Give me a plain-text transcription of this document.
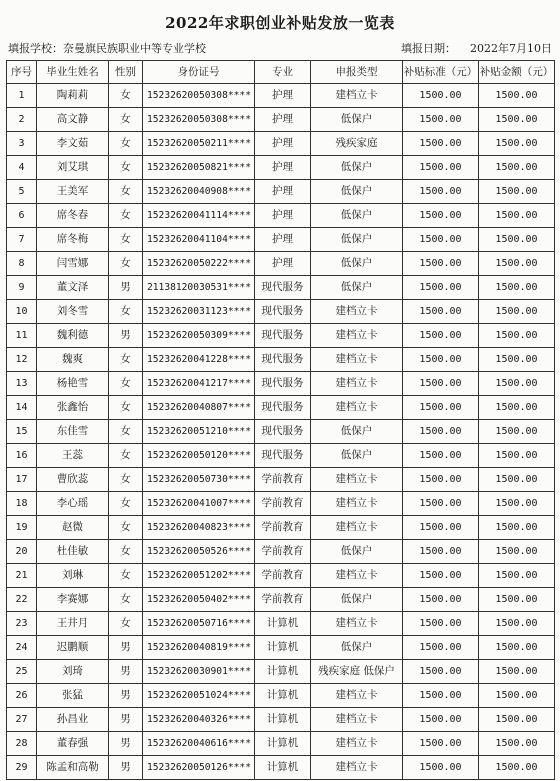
2022年求职创业补贴发放一览表
填报学校：奈曼旗民族职业中等专业学校	填报日期： 2022年7月10日
序号	毕业生姓名	性别	身份证号	专业	申报类型	补贴标准（元）	补贴金额（元）
1	陶莉莉	女	15232620050308****	护理	建档立卡	1500.00	1500.00
2	高文静	女	15232620050308****	护理	低保户	1500.00	1500.00
3	李文茹	女	15232620050211****	护理	残疾家庭	1500.00	1500.00
4	刘艾琪	女	15232620050821****	护理	低保户	1500.00	1500.00
5	王美军	女	15232620040908****	护理	低保户	1500.00	1500.00
6	席冬春	女	15232620041114****	护理	低保户	1500.00	1500.00
7	席冬梅	女	15232620041104****	护理	低保户	1500.00	1500.00
8	闫雪娜	女	15232620050222****	护理	低保户	1500.00	1500.00
9	董文泽	男	21138120030531****	现代服务	低保户	1500.00	1500.00
10	刘冬雪	女	15232620031123****	现代服务	建档立卡	1500.00	1500.00
11	魏利德	男	15232620050309****	现代服务	建档立卡	1500.00	1500.00
12	魏爽	女	15232620041228****	现代服务	建档立卡	1500.00	1500.00
13	杨艳雪	女	15232620041217****	现代服务	建档立卡	1500.00	1500.00
14	张鑫怡	女	15232620040807****	现代服务	建档立卡	1500.00	1500.00
15	东佳雪	女	15232620051210****	现代服务	低保户	1500.00	1500.00
16	王蕊	女	15232620050120****	现代服务	低保户	1500.00	1500.00
17	曹欣蕊	女	15232620050730****	学前教育	建档立卡	1500.00	1500.00
18	李心瑶	女	15232620041007****	学前教育	建档立卡	1500.00	1500.00
19	赵微	女	15232620040823****	学前教育	建档立卡	1500.00	1500.00
20	杜佳敏	女	15232620050526****	学前教育	低保户	1500.00	1500.00
21	刘琳	女	15232620051202****	学前教育	建档立卡	1500.00	1500.00
22	李赛娜	女	15232620050402****	学前教育	低保户	1500.00	1500.00
23	王井月	女	15232620050716****	计算机	建档立卡	1500.00	1500.00
24	迟鹏顺	男	15232620040819****	计算机	低保户	1500.00	1500.00
25	刘琦	男	15232620030901****	计算机	残疾家庭 低保户	1500.00	1500.00
26	张猛	男	15232620051024****	计算机	建档立卡	1500.00	1500.00
27	孙昌业	男	15232620040326****	计算机	建档立卡	1500.00	1500.00
28	董春强	男	15232620040616****	计算机	建档立卡	1500.00	1500.00
29	陈孟和高勒	男	15232620050126****	计算机	建档立卡	1500.00	1500.00
